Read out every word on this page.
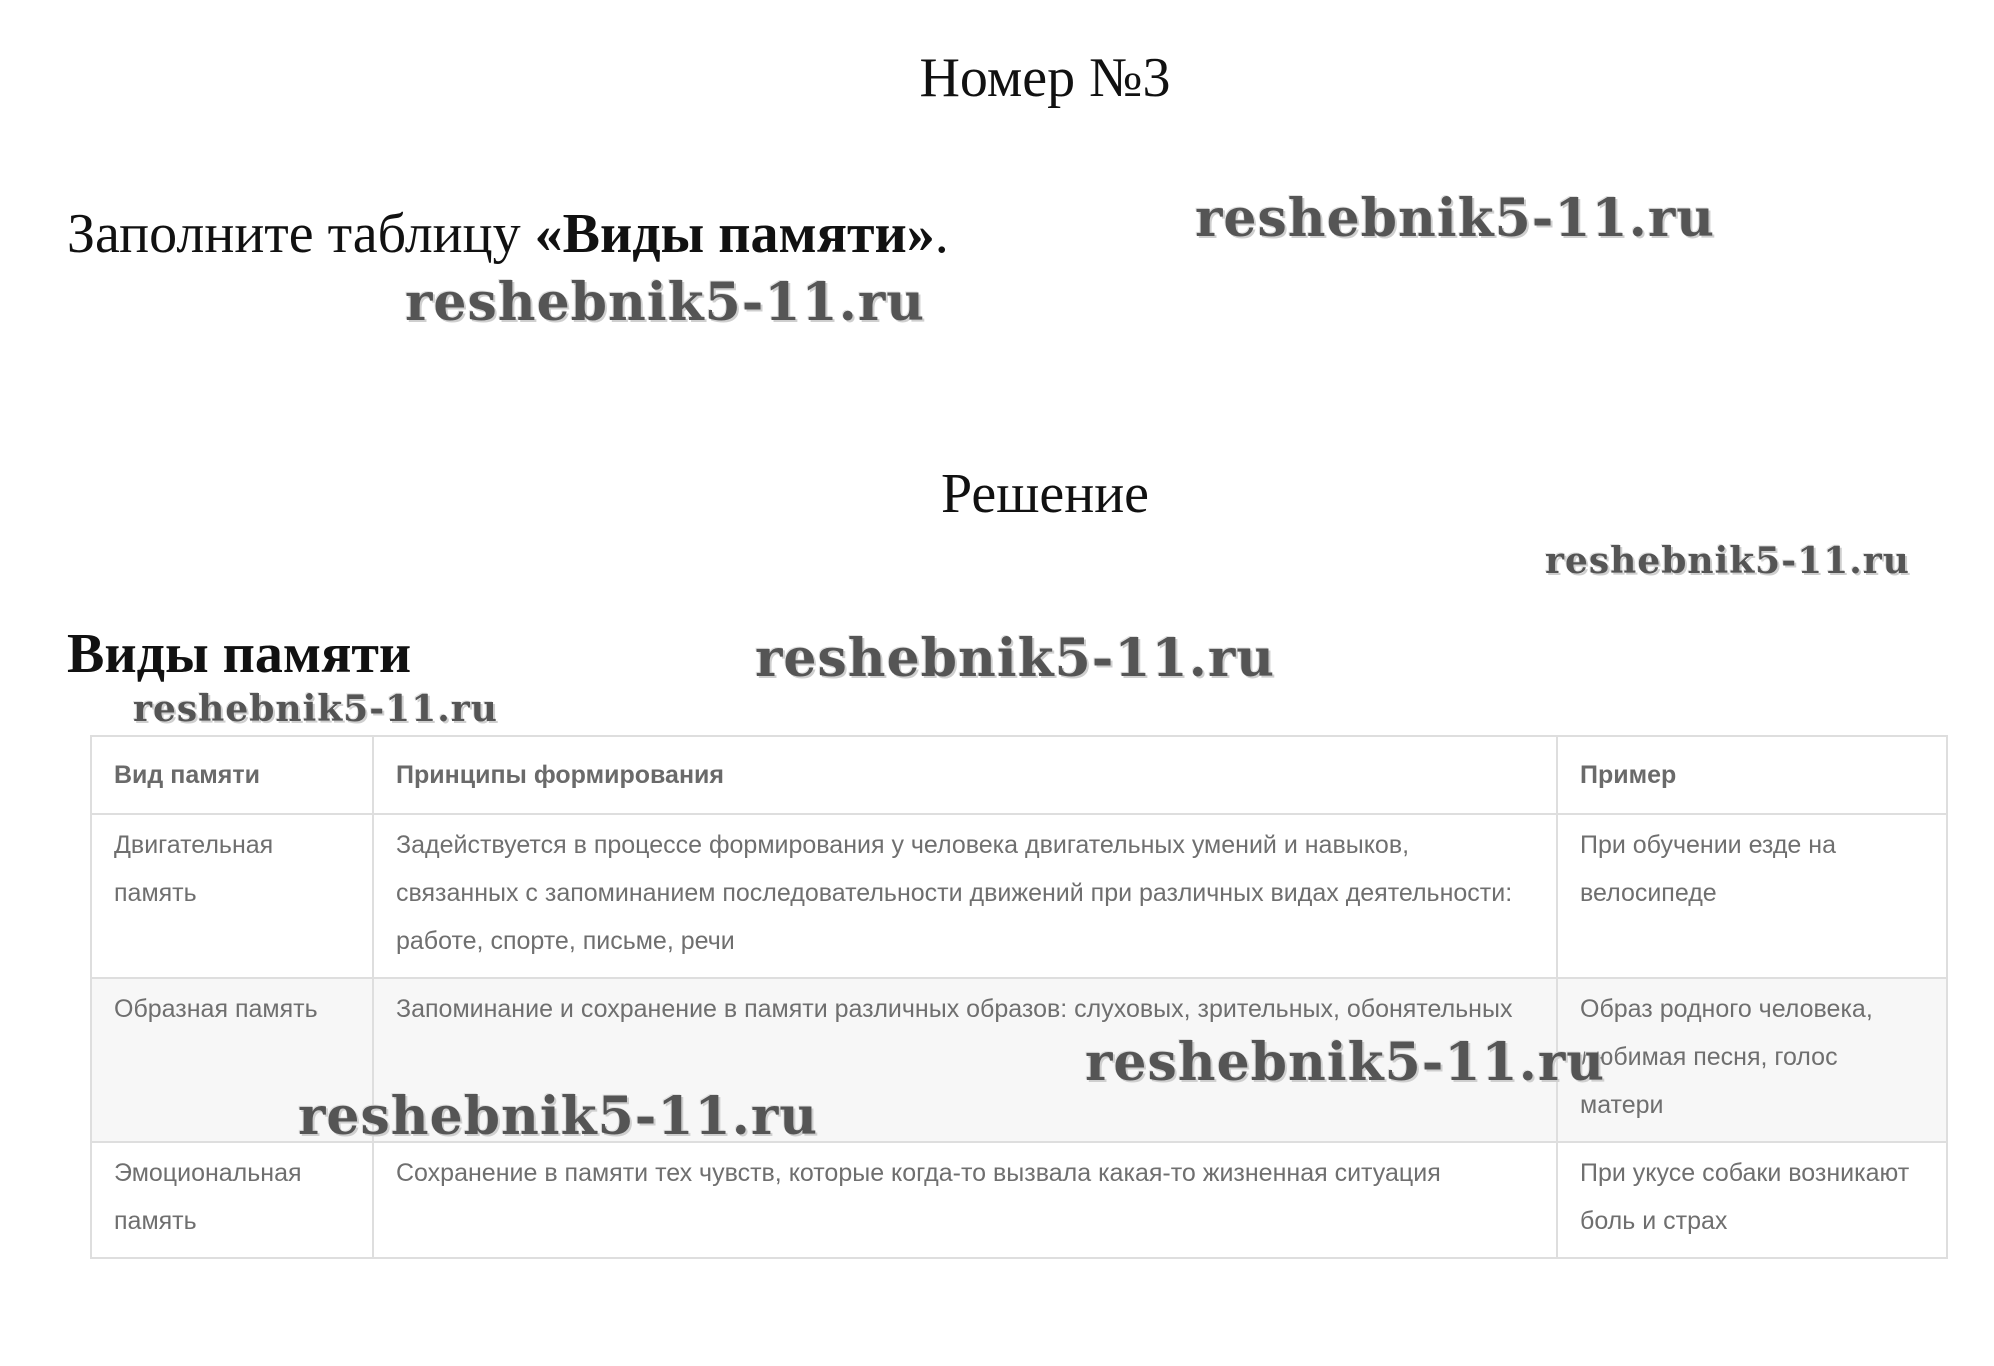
Номер №3
Заполните таблицу «Виды памяти».
Решение
Виды памяти
reshebnik5-11.ru
reshebnik5-11.ru
reshebnik5-11.ru
reshebnik5-11.ru
reshebnik5-11.ru
Вид памяти	Принципы формирования	Пример
Двигательная память	Задействуется в процессе формирования у человека двигательных умений и навыков, связанных с запоминанием последовательности движений при различных видах деятельности: работе, спорте, письме, речи	При обучении езде на велосипеде
Образная память	Запоминание и сохранение в памяти различных образов: слуховых, зрительных, обонятельных	Образ родного человека, любимая песня, голос матери
Эмоциональная память	Сохранение в памяти тех чувств, которые когда-то вызвала какая-то жизненная ситуация	При укусе собаки возникают боль и страх
reshebnik5-11.ru
reshebnik5-11.ru
